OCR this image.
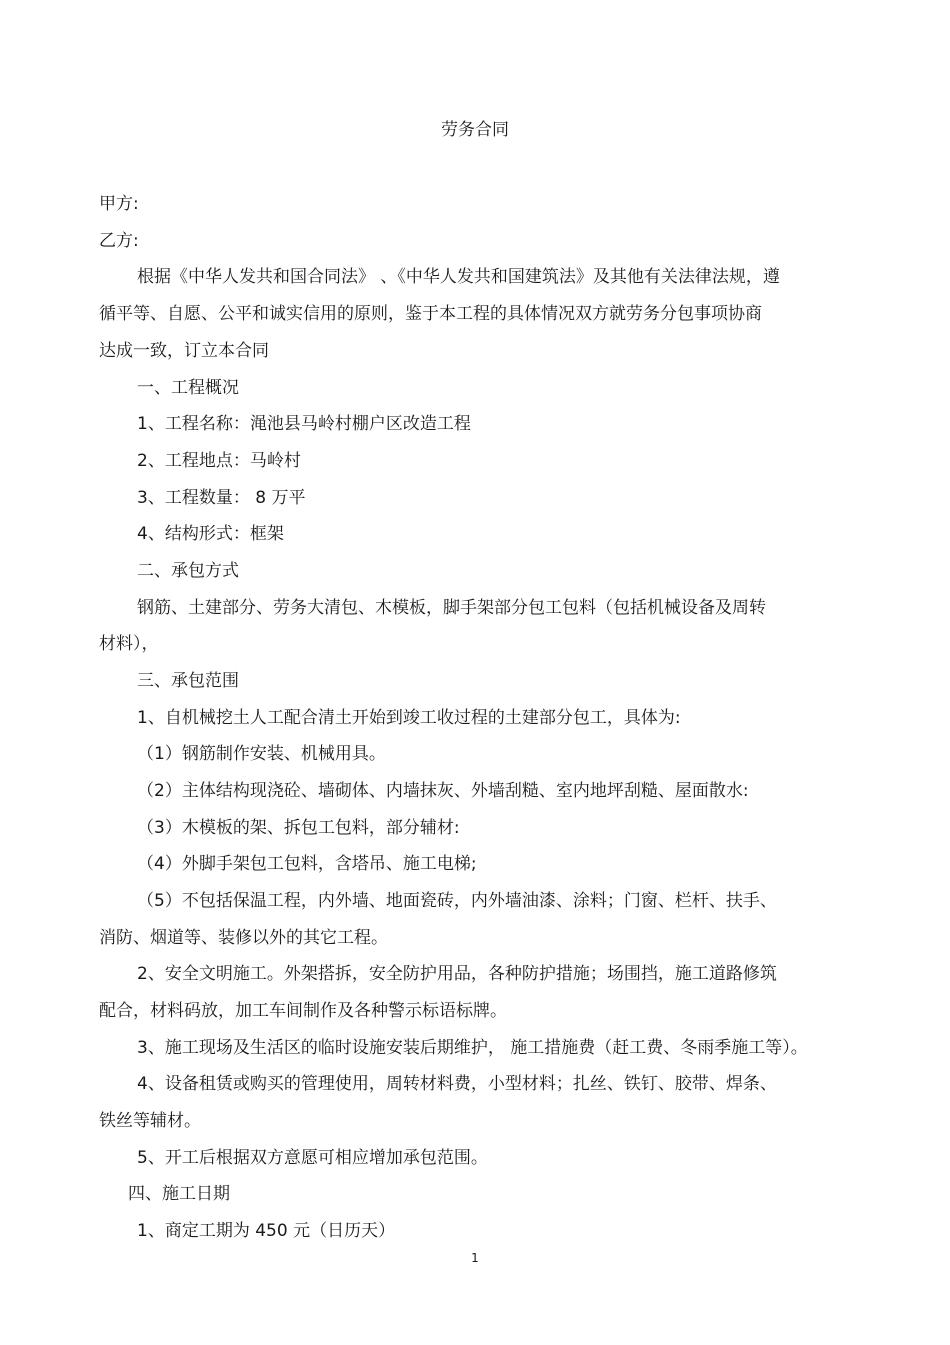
劳务合同
甲方:
乙方:
根据《中华人发共和国合同法》 、《中华人发共和国建筑法》及其他有关法律法规，遵
循平等、自愿、公平和诚实信用的原则，鉴于本工程的具体情况双方就劳务分包事项协商
达成一致，订立本合同
一、工程概况
1、工程名称：渑池县马岭村棚户区改造工程
2、工程地点：马岭村
3、工程数量： 8 万平
4、结构形式：框架
二、承包方式
钢筋、土建部分、劳务大清包、木模板，脚手架部分包工包料（包括机械设备及周转
材料），
三、承包范围
1、自机械挖土人工配合清土开始到竣工收过程的土建部分包工，具体为:
（1）钢筋制作安装、机械用具。
（2）主体结构现浇砼、墙砌体、内墙抹灰、外墙刮糙、室内地坪刮糙、屋面散水:
（3）木模板的架、拆包工包料，部分辅材:
（4）外脚手架包工包料，含塔吊、施工电梯;
（5）不包括保温工程，内外墙、地面瓷砖，内外墙油漆、涂料；门窗、栏杆、扶手、
消防、烟道等、装修以外的其它工程。
2、安全文明施工。外架搭拆，安全防护用品，各种防护措施；场围挡，施工道路修筑
配合，材料码放，加工车间制作及各种警示标语标牌。
3、施工现场及生活区的临时设施安装后期维护， 施工措施费（赶工费、冬雨季施工等）。
4、设备租赁或购买的管理使用，周转材料费，小型材料；扎丝、铁钉、胶带、焊条、
铁丝等辅材。
5、开工后根据双方意愿可相应增加承包范围。
四、施工日期
1、商定工期为 450 元（日历天）
1
